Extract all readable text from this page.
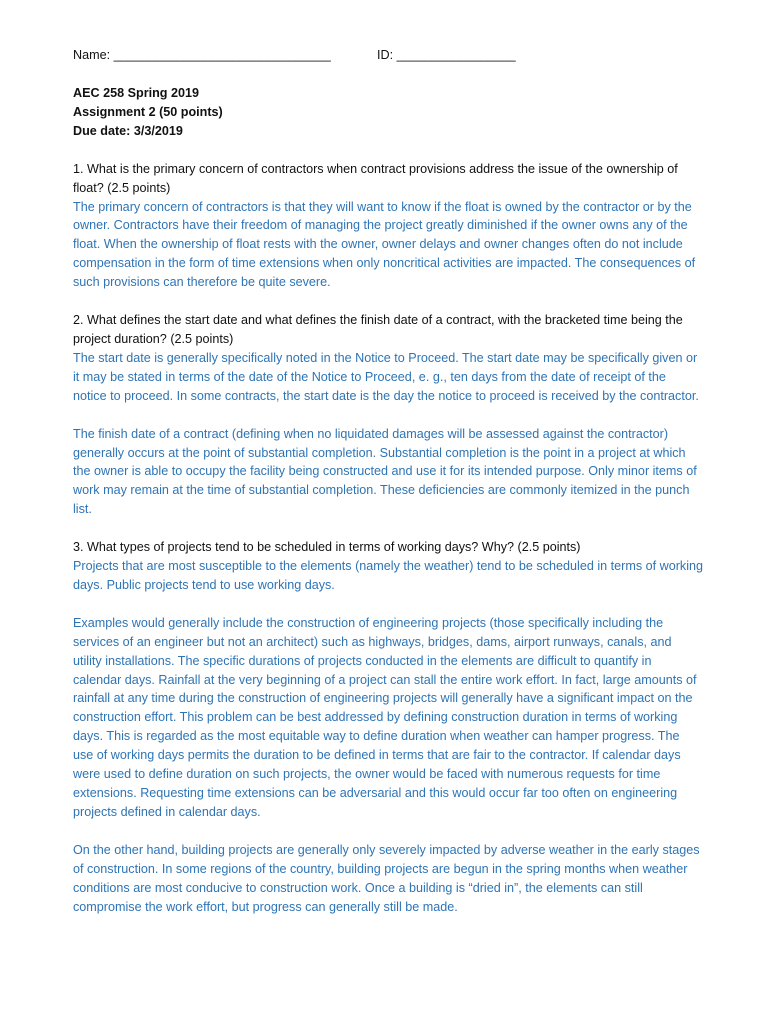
Name: _______________________________	ID: _________________
AEC 258 Spring 2019
Assignment 2 (50 points)
Due date: 3/3/2019
1. What is the primary concern of contractors when contract provisions address the issue of the ownership of float? (2.5 points)
The primary concern of contractors is that they will want to know if the float is owned by the contractor or by the owner. Contractors have their freedom of managing the project greatly diminished if the owner owns any of the float. When the ownership of float rests with the owner, owner delays and owner changes often do not include compensation in the form of time extensions when only noncritical activities are impacted. The consequences of such provisions can therefore be quite severe.
2. What defines the start date and what defines the finish date of a contract, with the bracketed time being the project duration? (2.5 points)
The start date is generally specifically noted in the Notice to Proceed. The start date may be specifically given or it may be stated in terms of the date of the Notice to Proceed, e. g., ten days from the date of receipt of the notice to proceed. In some contracts, the start date is the day the notice to proceed is received by the contractor.
The finish date of a contract (defining when no liquidated damages will be assessed against the contractor) generally occurs at the point of substantial completion. Substantial completion is the point in a project at which the owner is able to occupy the facility being constructed and use it for its intended purpose. Only minor items of work may remain at the time of substantial completion. These deficiencies are commonly itemized in the punch list.
3. What types of projects tend to be scheduled in terms of working days? Why? (2.5 points)
Projects that are most susceptible to the elements (namely the weather) tend to be scheduled in terms of working days. Public projects tend to use working days.
Examples would generally include the construction of engineering projects (those specifically including the services of an engineer but not an architect) such as highways, bridges, dams, airport runways, canals, and utility installations. The specific durations of projects conducted in the elements are difficult to quantify in calendar days. Rainfall at the very beginning of a project can stall the entire work effort. In fact, large amounts of rainfall at any time during the construction of engineering projects will generally have a significant impact on the construction effort. This problem can be best addressed by defining construction duration in terms of working days. This is regarded as the most equitable way to define duration when weather can hamper progress. The use of working days permits the duration to be defined in terms that are fair to the contractor. If calendar days were used to define duration on such projects, the owner would be faced with numerous requests for time extensions. Requesting time extensions can be adversarial and this would occur far too often on engineering projects defined in calendar days.
On the other hand, building projects are generally only severely impacted by adverse weather in the early stages of construction. In some regions of the country, building projects are begun in the spring months when weather conditions are most conducive to construction work. Once a building is “dried in”, the elements can still compromise the work effort, but progress can generally still be made.
